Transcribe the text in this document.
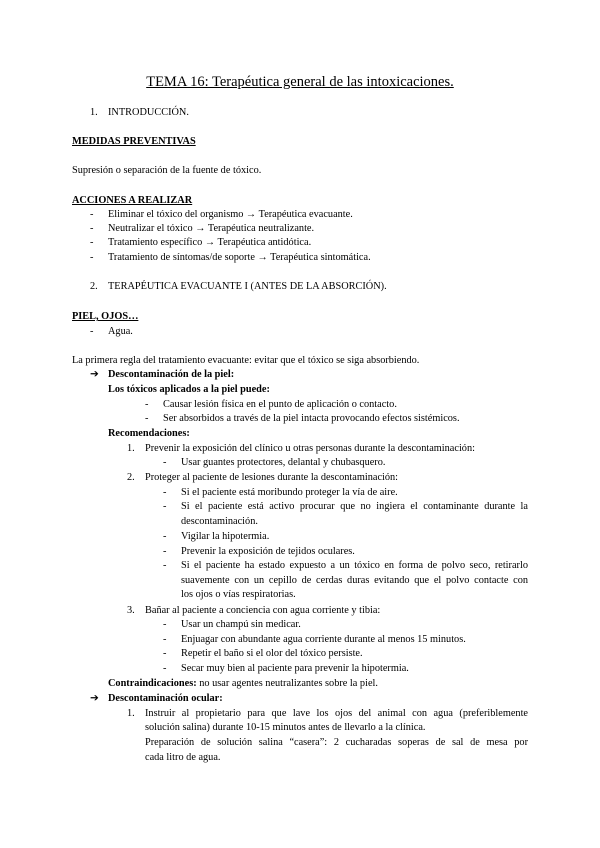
TEMA 16: Terapéutica general de las intoxicaciones.
1. INTRODUCCIÓN.
MEDIDAS PREVENTIVAS
Supresión o separación de la fuente de tóxico.
ACCIONES A REALIZAR
- Eliminar el tóxico del organismo → Terapéutica evacuante.
- Neutralizar el tóxico → Terapéutica neutralizante.
- Tratamiento específico → Terapéutica antidótica.
- Tratamiento de síntomas/de soporte → Terapéutica sintomática.
2. TERAPÉUTICA EVACUANTE I (ANTES DE LA ABSORCIÓN).
PIEL, OJOS…
- Agua.
La primera regla del tratamiento evacuante: evitar que el tóxico se siga absorbiendo.
➔ Descontaminación de la piel:
Los tóxicos aplicados a la piel puede:
- Causar lesión física en el punto de aplicación o contacto.
- Ser absorbidos a través de la piel intacta provocando efectos sistémicos.
Recomendaciones:
1. Prevenir la exposición del clínico u otras personas durante la descontaminación:
- Usar guantes protectores, delantal y chubasquero.
2. Proteger al paciente de lesiones durante la descontaminación:
- Si el paciente está moribundo proteger la vía de aire.
- Si el paciente está activo procurar que no ingiera el contaminante durante la
descontaminación.
- Vigilar la hipotermia.
- Prevenir la exposición de tejidos oculares.
- Si el paciente ha estado expuesto a un tóxico en forma de polvo seco, retirarlo
suavemente con un cepillo de cerdas duras evitando que el polvo contacte con
los ojos o vías respiratorias.
3. Bañar al paciente a conciencia con agua corriente y tibia:
- Usar un champú sin medicar.
- Enjuagar con abundante agua corriente durante al menos 15 minutos.
- Repetir el baño si el olor del tóxico persiste.
- Secar muy bien al paciente para prevenir la hipotermia.
Contraindicaciones: no usar agentes neutralizantes sobre la piel.
➔ Descontaminación ocular:
1. Instruir al propietario para que lave los ojos del animal con agua (preferiblemente
solución salina) durante 10-15 minutos antes de llevarlo a la clínica.
Preparación de solución salina “casera”: 2 cucharadas soperas de sal de mesa por
cada litro de agua.
